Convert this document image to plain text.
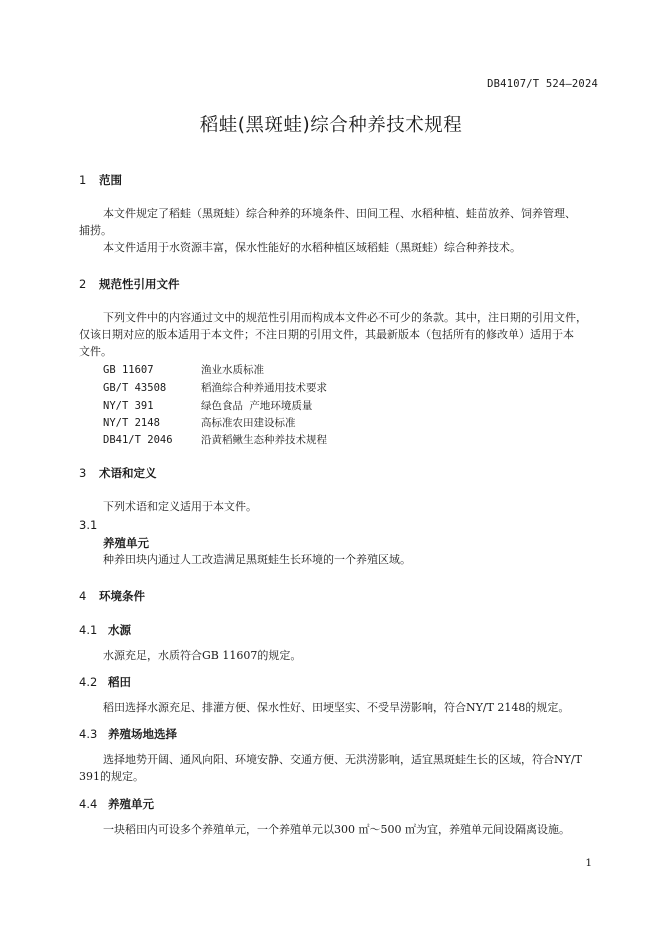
DB4107/T 524—2024
稻蛙(黑斑蛙)综合种养技术规程
1 范围
本文件规定了稻蛙（黑斑蛙）综合种养的环境条件、田间工程、水稻种植、蛙苗放养、饲养管理、
捕捞。
本文件适用于水资源丰富，保水性能好的水稻种植区域稻蛙（黑斑蛙）综合种养技术。
2 规范性引用文件
下列文件中的内容通过文中的规范性引用而构成本文件必不可少的条款。其中，注日期的引用文件，
仅该日期对应的版本适用于本文件；不注日期的引用文件，其最新版本（包括所有的修改单）适用于本
文件。
GB 11607	渔业水质标准
GB/T 43508	稻渔综合种养通用技术要求
NY/T 391	绿色食品 产地环境质量
NY/T 2148	高标准农田建设标准
DB41/T 2046	沿黄稻鳅生态种养技术规程
3 术语和定义
下列术语和定义适用于本文件。
3.1
养殖单元
种养田块内通过人工改造满足黑斑蛙生长环境的一个养殖区域。
4 环境条件
4.1 水源
水源充足，水质符合GB 11607的规定。
4.2 稻田
稻田选择水源充足、排灌方便、保水性好、田埂坚实、不受旱涝影响，符合NY/T 2148的规定。
4.3 养殖场地选择
选择地势开阔、通风向阳、环境安静、交通方便、无洪涝影响，适宜黑斑蛙生长的区域，符合NY/T
391的规定。
4.4 养殖单元
一块稻田内可设多个养殖单元，一个养殖单元以300 ㎡～500 ㎡为宜，养殖单元间设隔离设施。
1
